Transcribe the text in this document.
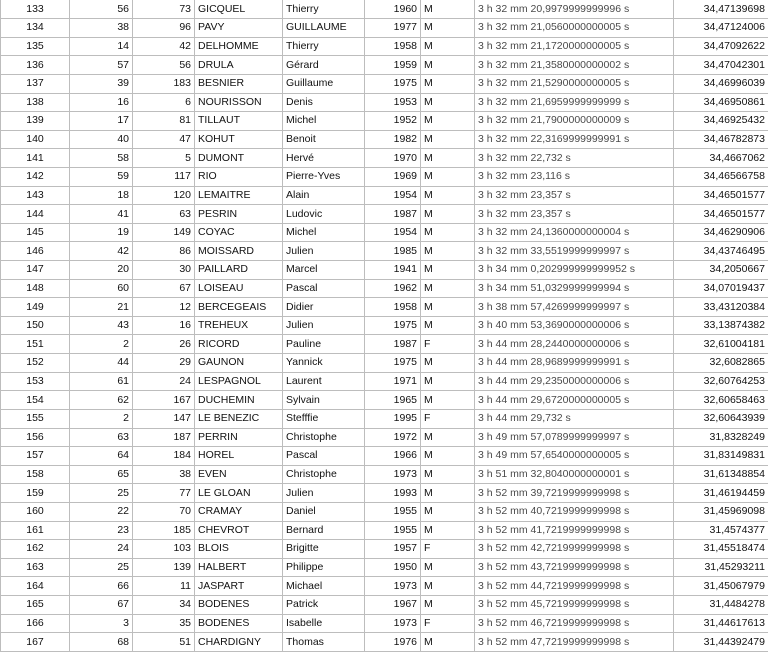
133	56	73	GICQUEL	Thierry	1960	M	3 h 32 mm 20,9979999999996 s	34,47139698
134	38	96	PAVY	GUILLAUME	1977	M	3 h 32 mm 21,0560000000005 s	34,47124006
135	14	42	DELHOMME	Thierry	1958	M	3 h 32 mm 21,1720000000005 s	34,47092622
136	57	56	DRULA	Gérard	1959	M	3 h 32 mm 21,3580000000002 s	34,47042301
137	39	183	BESNIER	Guillaume	1975	M	3 h 32 mm 21,5290000000005 s	34,46996039
138	16	6	NOURISSON	Denis	1953	M	3 h 32 mm 21,6959999999999 s	34,46950861
139	17	81	TILLAUT	Michel	1952	M	3 h 32 mm 21,7900000000009 s	34,46925432
140	40	47	KOHUT	Benoit	1982	M	3 h 32 mm 22,3169999999991 s	34,46782873
141	58	5	DUMONT	Hervé	1970	M	3 h 32 mm 22,732 s	34,4667062
142	59	117	RIO	Pierre-Yves	1969	M	3 h 32 mm 23,116 s	34,46566758
143	18	120	LEMAITRE	Alain	1954	M	3 h 32 mm 23,357 s	34,46501577
144	41	63	PESRIN	Ludovic	1987	M	3 h 32 mm 23,357 s	34,46501577
145	19	149	COYAC	Michel	1954	M	3 h 32 mm 24,1360000000004 s	34,46290906
146	42	86	MOISSARD	Julien	1985	M	3 h 32 mm 33,5519999999997 s	34,43746495
147	20	30	PAILLARD	Marcel	1941	M	3 h 34 mm 0,202999999999952 s	34,2050667
148	60	67	LOISEAU	Pascal	1962	M	3 h 34 mm 51,0329999999994 s	34,07019437
149	21	12	BERCEGEAIS	Didier	1958	M	3 h 38 mm 57,4269999999997 s	33,43120384
150	43	16	TREHEUX	Julien	1975	M	3 h 40 mm 53,3690000000006 s	33,13874382
151	2	26	RICORD	Pauline	1987	F	3 h 44 mm 28,2440000000006 s	32,61004181
152	44	29	GAUNON	Yannick	1975	M	3 h 44 mm 28,9689999999991 s	32,6082865
153	61	24	LESPAGNOL	Laurent	1971	M	3 h 44 mm 29,2350000000006 s	32,60764253
154	62	167	DUCHEMIN	Sylvain	1965	M	3 h 44 mm 29,6720000000005 s	32,60658463
155	2	147	LE BENEZIC	Stefffie	1995	F	3 h 44 mm 29,732 s	32,60643939
156	63	187	PERRIN	Christophe	1972	M	3 h 49 mm 57,0789999999997 s	31,8328249
157	64	184	HOREL	Pascal	1966	M	3 h 49 mm 57,6540000000005 s	31,83149831
158	65	38	EVEN	Christophe	1973	M	3 h 51 mm 32,8040000000001 s	31,61348854
159	25	77	LE GLOAN	Julien	1993	M	3 h 52 mm 39,7219999999998 s	31,46194459
160	22	70	CRAMAY	Daniel	1955	M	3 h 52 mm 40,7219999999998 s	31,45969098
161	23	185	CHEVROT	Bernard	1955	M	3 h 52 mm 41,7219999999998 s	31,4574377
162	24	103	BLOIS	Brigitte	1957	F	3 h 52 mm 42,7219999999998 s	31,45518474
163	25	139	HALBERT	Philippe	1950	M	3 h 52 mm 43,7219999999998 s	31,45293211
164	66	11	JASPART	Michael	1973	M	3 h 52 mm 44,7219999999998 s	31,45067979
165	67	34	BODENES	Patrick	1967	M	3 h 52 mm 45,7219999999998 s	31,4484278
166	3	35	BODENES	Isabelle	1973	F	3 h 52 mm 46,7219999999998 s	31,44617613
167	68	51	CHARDIGNY	Thomas	1976	M	3 h 52 mm 47,7219999999998 s	31,44392479
